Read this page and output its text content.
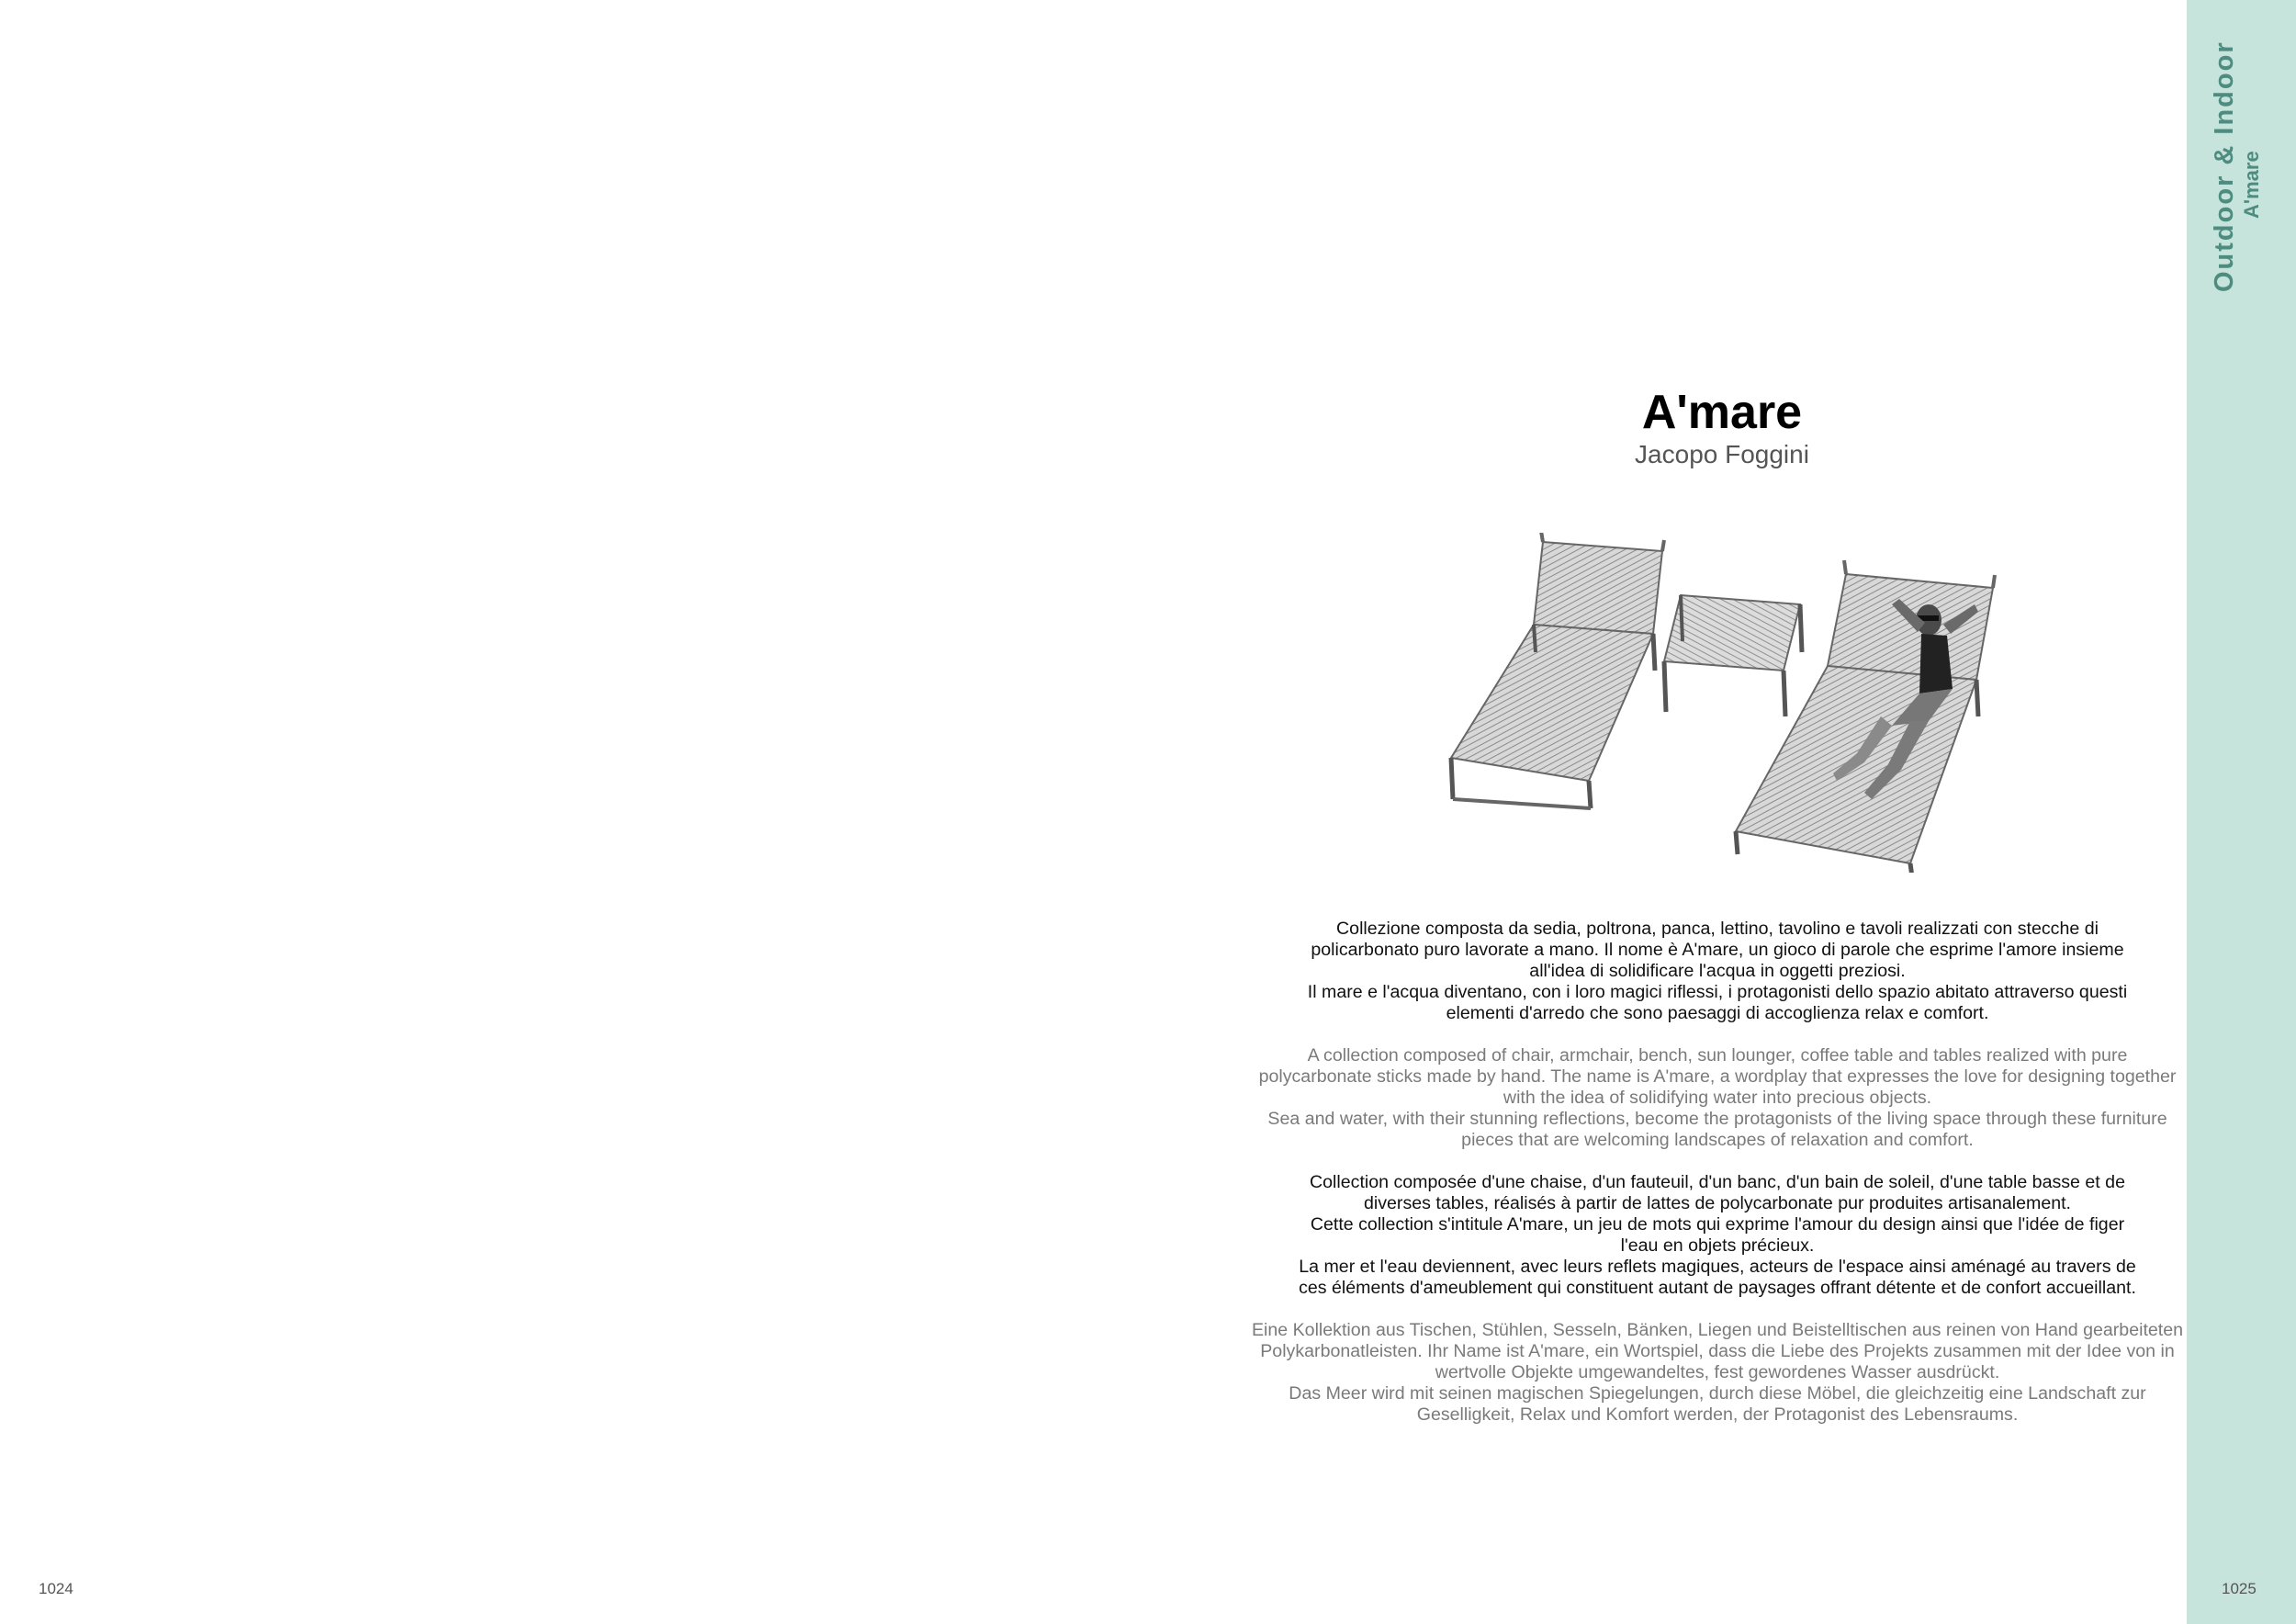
1024
Outdoor & Indoor A'mare
A'mare
Jacopo Foggini

Collezione composta da sedia, poltrona, panca, lettino, tavolino e tavoli realizzati con stecche di
policarbonato puro lavorate a mano. Il nome è A'mare, un gioco di parole che esprime l'amore insieme
all'idea di solidificare l'acqua in oggetti preziosi.
Il mare e l'acqua diventano, con i loro magici riflessi, i protagonisti dello spazio abitato attraverso questi
elementi d'arredo che sono paesaggi di accoglienza relax e comfort.

A collection composed of chair, armchair, bench, sun lounger, coffee table and tables realized with pure
polycarbonate sticks made by hand. The name is A'mare, a wordplay that expresses the love for designing together
with the idea of solidifying water into precious objects.
Sea and water, with their stunning reflections, become the protagonists of the living space through these furniture
pieces that are welcoming landscapes of relaxation and comfort.

Collection composée d'une chaise, d'un fauteuil, d'un banc, d'un bain de soleil, d'une table basse et de
diverses tables, réalisés à partir de lattes de polycarbonate pur produites artisanalement.
Cette collection s'intitule A'mare, un jeu de mots qui exprime l'amour du design ainsi que l'idée de figer
l'eau en objets précieux.
La mer et l'eau deviennent, avec leurs reflets magiques, acteurs de l'espace ainsi aménagé au travers de
ces éléments d'ameublement qui constituent autant de paysages offrant détente et de confort accueillant.

Eine Kollektion aus Tischen, Stühlen, Sesseln, Bänken, Liegen und Beistelltischen aus reinen von Hand gearbeiteten
Polykarbonatleisten. Ihr Name ist A'mare, ein Wortspiel, dass die Liebe des Projekts zusammen mit der Idee von in
wertvolle Objekte umgewandeltes, fest gewordenes Wasser ausdrückt.
Das Meer wird mit seinen magischen Spiegelungen, durch diese Möbel, die gleichzeitig eine Landschaft zur
Geselligkeit, Relax und Komfort werden, der Protagonist des Lebensraums.

1025
